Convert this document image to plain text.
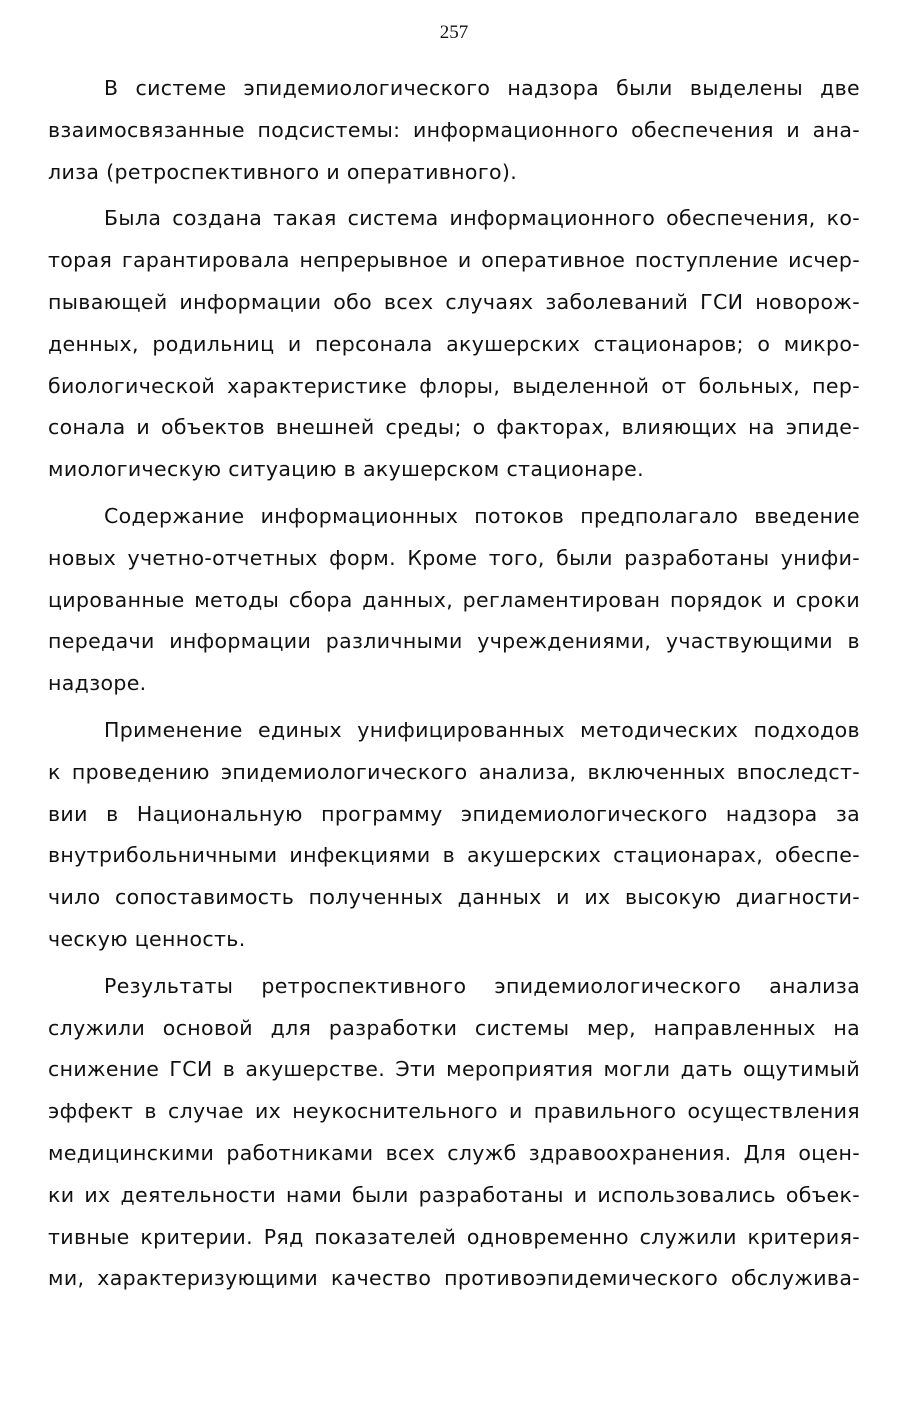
257
В системе эпидемиологического надзора были выделены две
взаимосвязанные подсистемы: информационного обеспечения и ана-
лиза (ретроспективного и оперативного).
Была создана такая система информационного обеспечения, ко-
торая гарантировала непрерывное и оперативное поступление исчер-
пывающей информации обо всех случаях заболеваний ГСИ новорож-
денных, родильниц и персонала акушерских стационаров; о микро-
биологической характеристике флоры, выделенной от больных, пер-
сонала и объектов внешней среды; о факторах, влияющих на эпиде-
миологическую ситуацию в акушерском стационаре.
Содержание информационных потоков предполагало введение
новых учетно-отчетных форм. Кроме того, были разработаны унифи-
цированные методы сбора данных, регламентирован порядок и сроки
передачи информации различными учреждениями, участвующими в
надзоре.
Применение единых унифицированных методических подходов
к проведению эпидемиологического анализа, включенных впоследст-
вии в Национальную программу эпидемиологического надзора за
внутрибольничными инфекциями в акушерских стационарах, обеспе-
чило сопоставимость полученных данных и их высокую диагности-
ческую ценность.
Результаты ретроспективного эпидемиологического анализа
служили основой для разработки системы мер, направленных на
снижение ГСИ в акушерстве. Эти мероприятия могли дать ощутимый
эффект в случае их неукоснительного и правильного осуществления
медицинскими работниками всех служб здравоохранения. Для оцен-
ки их деятельности нами были разработаны и использовались объек-
тивные критерии. Ряд показателей одновременно служили критерия-
ми, характеризующими качество противоэпидемического обслужива-
